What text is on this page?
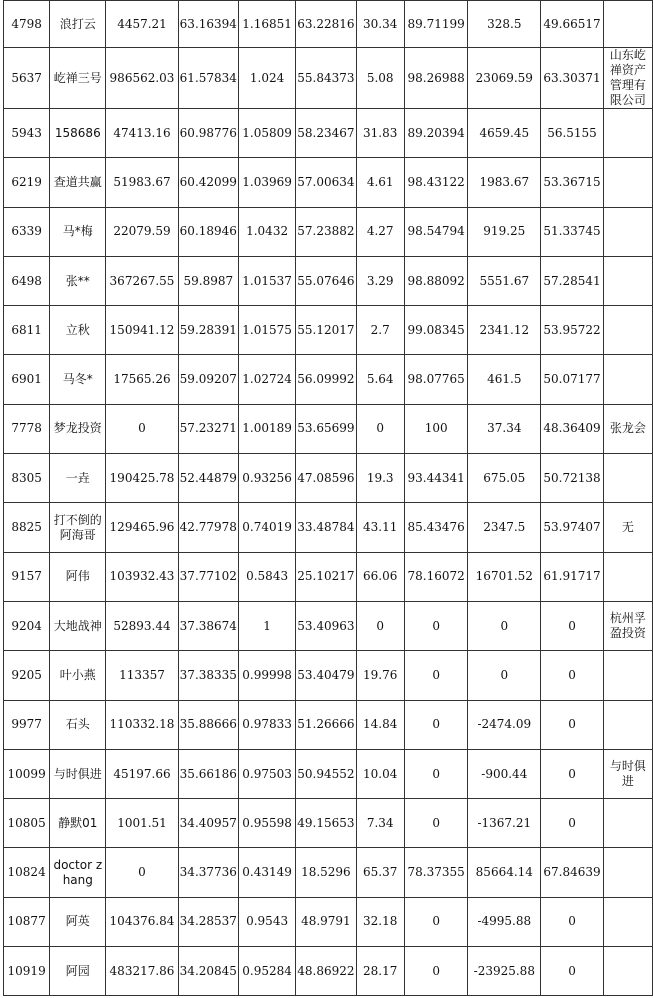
4798	浪打云	4457.21	63.16394	1.16851	63.22816	30.34	89.71199	328.5	49.66517	
5637	屹禅三号	986562.03	61.57834	1.024	55.84373	5.08	98.26988	23069.59	63.30371	山东屹禅资产管理有限公司
5943	158686	47413.16	60.98776	1.05809	58.23467	31.83	89.20394	4659.45	56.5155	
6219	查道共赢	51983.67	60.42099	1.03969	57.00634	4.61	98.43122	1983.67	53.36715	
6339	马*梅	22079.59	60.18946	1.0432	57.23882	4.27	98.54794	919.25	51.33745	
6498	张**	367267.55	59.8987	1.01537	55.07646	3.29	98.88092	5551.67	57.28541	
6811	立秋	150941.12	59.28391	1.01575	55.12017	2.7	99.08345	2341.12	53.95722	
6901	马冬*	17565.26	59.09207	1.02724	56.09992	5.64	98.07765	461.5	50.07177	
7778	梦龙投资	0	57.23271	1.00189	53.65699	0	100	37.34	48.36409	张龙会
8305	一垚	190425.78	52.44879	0.93256	47.08596	19.3	93.44341	675.05	50.72138	
8825	打不倒的阿海哥	129465.96	42.77978	0.74019	33.48784	43.11	85.43476	2347.5	53.97407	无
9157	阿伟	103932.43	37.77102	0.5843	25.10217	66.06	78.16072	16701.52	61.91717	
9204	大地战神	52893.44	37.38674	1	53.40963	0	0	0	0	杭州孚盈投资
9205	叶小燕	113357	37.38335	0.99998	53.40479	19.76	0	0	0	
9977	石头	110332.18	35.88666	0.97833	51.26666	14.84	0	-2474.09	0	
10099	与时俱进	45197.66	35.66186	0.97503	50.94552	10.04	0	-900.44	0	与时俱进
10805	静默01	1001.51	34.40957	0.95598	49.15653	7.34	0	-1367.21	0	
10824	doctor zhang	0	34.37736	0.43149	18.5296	65.37	78.37355	85664.14	67.84639	
10877	阿英	104376.84	34.28537	0.9543	48.9791	32.18	0	-4995.88	0	
10919	阿园	483217.86	34.20845	0.95284	48.86922	28.17	0	-23925.88	0	
